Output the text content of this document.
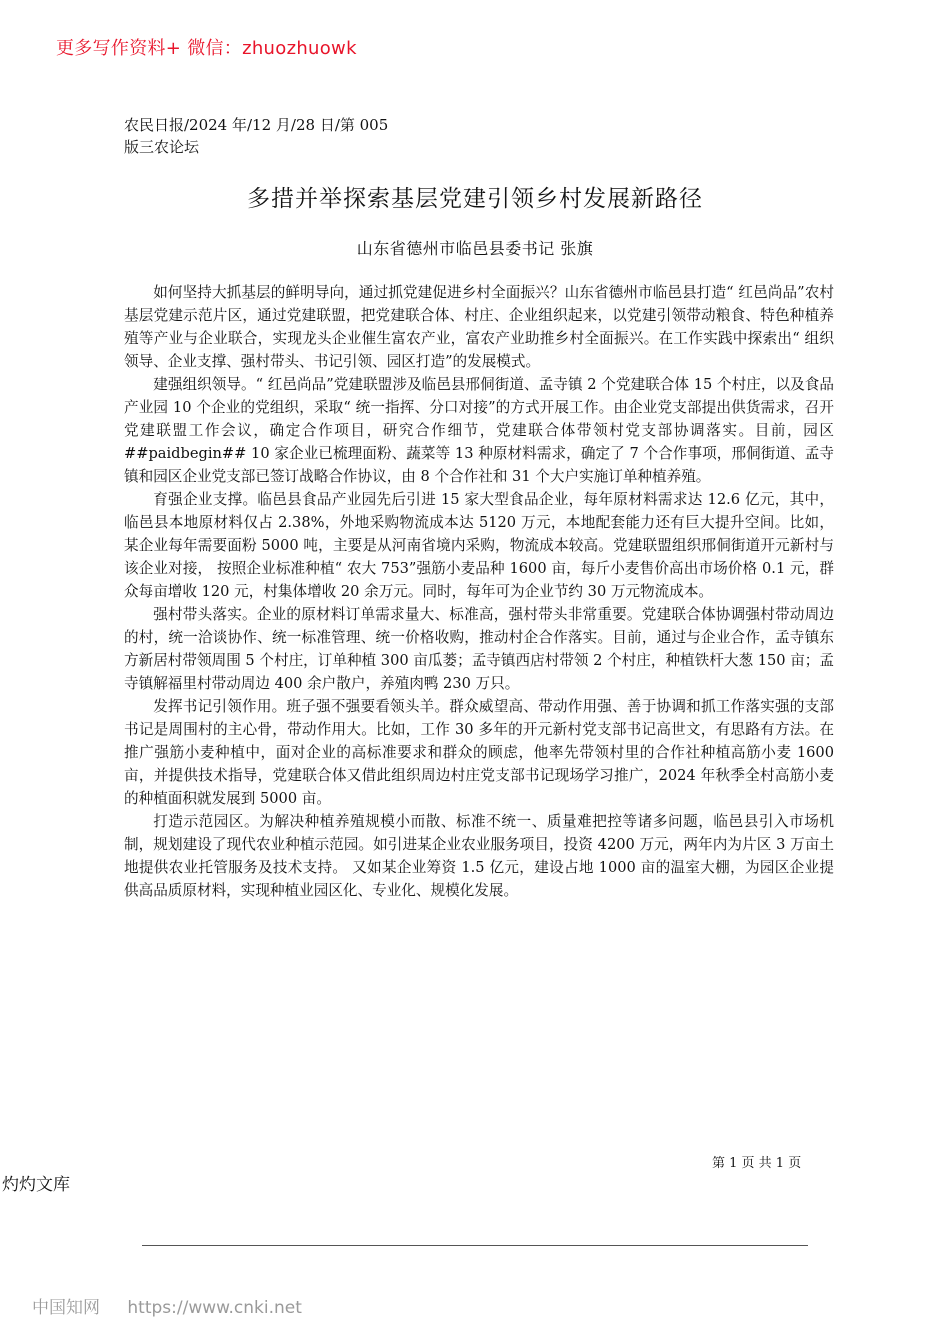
更多写作资料+ 微信：zhuozhuowk
农民日报/2024 年/12 月/28 日/第 005
版三农论坛
多措并举探索基层党建引领乡村发展新路径
山东省德州市临邑县委书记 张旗

如何坚持大抓基层的鲜明导向，通过抓党建促进乡村全面振兴？山东省德州市临邑县打造“ 红邑尚品”农村基层党建示范片区，通过党建联盟，把党建联合体、村庄、企业组织起来，以党建引领带动粮食、特色种植养殖等产业与企业联合，实现龙头企业催生富农产业，富农产业助推乡村全面振兴。在工作实践中探索出“ 组织领导、企业支撑、强村带头、书记引领、园区打造”的发展模式。

建强组织领导。“ 红邑尚品”党建联盟涉及临邑县邢侗街道、孟寺镇 2 个党建联合体 15 个村庄，以及食品产业园 10 个企业的党组织，采取“ 统一指挥、分口对接”的方式开展工作。由企业党支部提出供货需求，召开党建联盟工作会议，确定合作项目，研究合作细节，党建联合体带领村党支部协调落实。目前，园区##paidbegin## 10 家企业已梳理面粉、蔬菜等 13 种原材料需求，确定了 7 个合作事项，邢侗街道、孟寺镇和园区企业党支部已签订战略合作协议，由 8 个合作社和 31 个大户实施订单种植养殖。

育强企业支撑。临邑县食品产业园先后引进 15 家大型食品企业，每年原材料需求达 12.6 亿元，其中，临邑县本地原材料仅占 2.38%，外地采购物流成本达 5120 万元，本地配套能力还有巨大提升空间。比如，某企业每年需要面粉 5000 吨，主要是从河南省境内采购，物流成本较高。党建联盟组织邢侗街道开元新村与该企业对接， 按照企业标准种植“ 农大 753”强筋小麦品种 1600 亩，每斤小麦售价高出市场价格 0.1 元，群众每亩增收 120 元，村集体增收 20 余万元。同时，每年可为企业节约 30 万元物流成本。

强村带头落实。企业的原材料订单需求量大、标准高，强村带头非常重要。党建联合体协调强村带动周边的村，统一洽谈协作、统一标准管理、统一价格收购，推动村企合作落实。目前，通过与企业合作，孟寺镇东方新居村带领周围 5 个村庄，订单种植 300 亩瓜蒌；孟寺镇西店村带领 2 个村庄，种植铁杆大葱 150 亩；孟寺镇解福里村带动周边 400 余户散户，养殖肉鸭 230 万只。

发挥书记引领作用。班子强不强要看领头羊。群众威望高、带动作用强、善于协调和抓工作落实强的支部书记是周围村的主心骨，带动作用大。比如，工作 30 多年的开元新村党支部书记高世文，有思路有方法。在推广强筋小麦种植中，面对企业的高标准要求和群众的顾虑，他率先带领村里的合作社种植高筋小麦 1600 亩，并提供技术指导，党建联合体又借此组织周边村庄党支部书记现场学习推广，2024 年秋季全村高筋小麦的种植面积就发展到 5000 亩。

打造示范园区。为解决种植养殖规模小而散、标准不统一、质量难把控等诸多问题，临邑县引入市场机制，规划建设了现代农业种植示范园。如引进某企业农业服务项目，投资 4200 万元，两年内为片区 3 万亩土地提供农业托管服务及技术支持。 又如某企业筹资 1.5 亿元，建设占地 1000 亩的温室大棚，为园区企业提供高品质原材料，实现种植业园区化、专业化、规模化发展。

第 1 页 共 1 页
灼灼文库
中国知网 https://www.cnki.net
